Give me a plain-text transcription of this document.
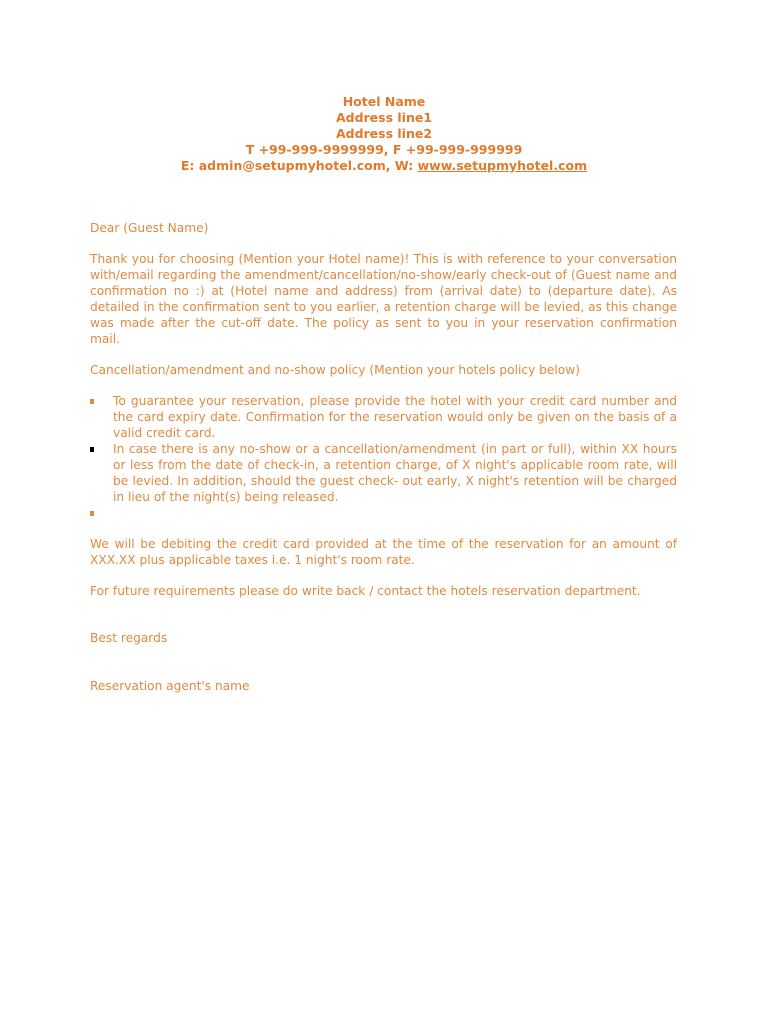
Hotel Name
Address line1
Address line2
T +99-999-9999999, F +99-999-999999
E: admin@setupmyhotel.com, W: www.setupmyhotel.com

Dear (Guest Name)

Thank you for choosing (Mention your Hotel name)! This is with reference to your conversation with/email regarding the amendment/cancellation/no-show/early check-out of (Guest name and confirmation no :) at (Hotel name and address) from (arrival date) to (departure date). As detailed in the confirmation sent to you earlier, a retention charge will be levied, as this change was made after the cut-off date. The policy as sent to you in your reservation confirmation mail.

Cancellation/amendment and no-show policy (Mention your hotels policy below)

To guarantee your reservation, please provide the hotel with your credit card number and the card expiry date. Confirmation for the reservation would only be given on the basis of a valid credit card.
In case there is any no-show or a cancellation/amendment (in part or full), within XX hours or less from the date of check-in, a retention charge, of X night's applicable room rate, will be levied. In addition, should the guest check- out early, X night's retention will be charged in lieu of the night(s) being released.

We will be debiting the credit card provided at the time of the reservation for an amount of XXX.XX plus applicable taxes i.e. 1 night's room rate.

For future requirements please do write back / contact the hotels reservation department.

Best regards

Reservation agent's name
